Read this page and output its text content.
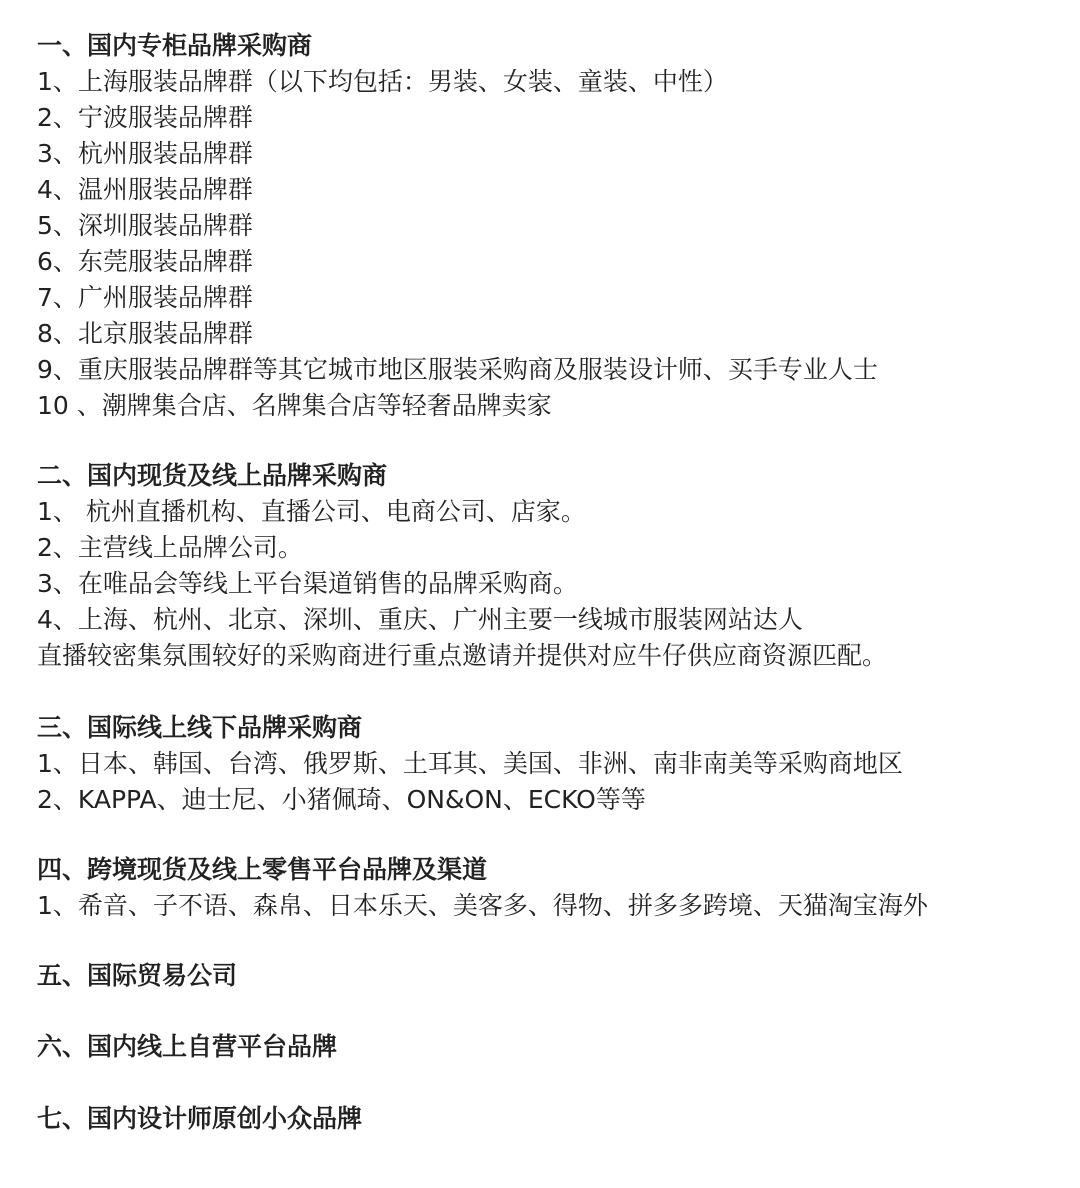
一、国内专柜品牌采购商
1、上海服装品牌群（以下均包括：男装、女装、童装、中性）
2、宁波服装品牌群
3、杭州服装品牌群
4、温州服装品牌群
5、深圳服装品牌群
6、东莞服装品牌群
7、广州服装品牌群
8、北京服装品牌群
9、重庆服装品牌群等其它城市地区服装采购商及服装设计师、买手专业人士
10 、潮牌集合店、名牌集合店等轻奢品牌卖家
二、国内现货及线上品牌采购商
1、 杭州直播机构、直播公司、电商公司、店家。
2、主营线上品牌公司。
3、在唯品会等线上平台渠道销售的品牌采购商。
4、上海、杭州、北京、深圳、重庆、广州主要一线城市服装网站达人
直播较密集氛围较好的采购商进行重点邀请并提供对应牛仔供应商资源匹配。
三、国际线上线下品牌采购商
1、日本、韩国、台湾、俄罗斯、土耳其、美国、非洲、南非南美等采购商地区
2、KAPPA、迪士尼、小猪佩琦、ON&ON、ECKO等等
四、跨境现货及线上零售平台品牌及渠道
1、希音、子不语、森帛、日本乐天、美客多、得物、拼多多跨境、天猫淘宝海外
五、国际贸易公司
六、国内线上自营平台品牌
七、国内设计师原创小众品牌
